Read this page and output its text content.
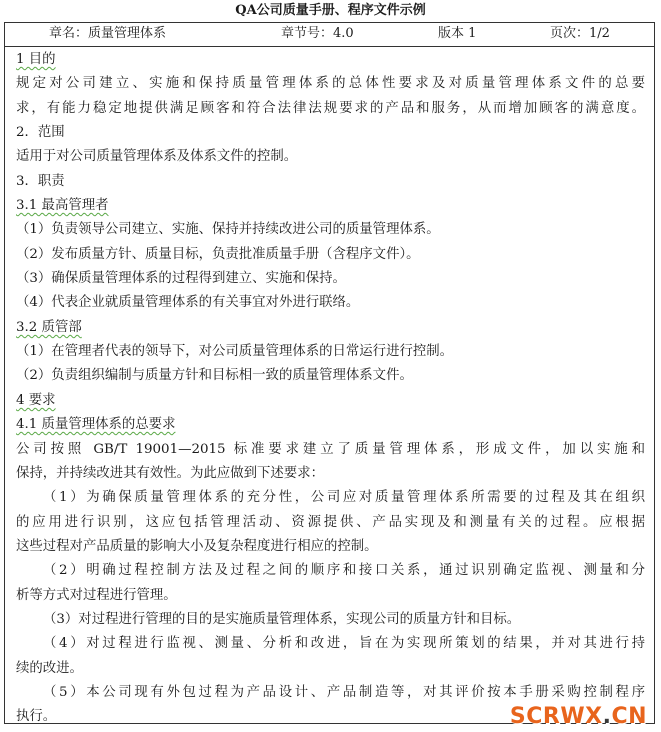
QA公司质量手册、程序文件示例
章名：质量管理体系	章节号：4.0	版本 1	页次：1/2
1 目的
规定对公司建立、实施和保持质量管理体系的总体性要求及对质量管理体系文件的总要
求，有能力稳定地提供满足顾客和符合法律法规要求的产品和服务，从而增加顾客的满意度。
2．范围
适用于对公司质量管理体系及体系文件的控制。
3．职责
3.1 最高管理者
（1）负责领导公司建立、实施、保持并持续改进公司的质量管理体系。
（2）发布质量方针、质量目标，负责批准质量手册（含程序文件）。
（3）确保质量管理体系的过程得到建立、实施和保持。
（4）代表企业就质量管理体系的有关事宜对外进行联络。
3.2 质管部
（1）在管理者代表的领导下，对公司质量管理体系的日常运行进行控制。
（2）负责组织编制与质量方针和目标相一致的质量管理体系文件。
4 要求
4.1 质量管理体系的总要求
公司按照 GB/T 19001—2015 标准要求建立了质量管理体系，形成文件，加以实施和
保持，并持续改进其有效性。为此应做到下述要求：
（1）为确保质量管理体系的充分性，公司应对质量管理体系所需要的过程及其在组织
的应用进行识别，这应包括管理活动、资源提供、产品实现及和测量有关的过程。应根据
这些过程对产品质量的影响大小及复杂程度进行相应的控制。
（2）明确过程控制方法及过程之间的顺序和接口关系，通过识别确定监视、测量和分
析等方式对过程进行管理。
（3）对过程进行管理的目的是实施质量管理体系，实现公司的质量方针和目标。
（4）对过程进行监视、测量、分析和改进，旨在为实现所策划的结果，并对其进行持
续的改进。
（5）本公司现有外包过程为产品设计、产品制造等，对其评价按本手册采购控制程序
执行。	SCRWX.CN
